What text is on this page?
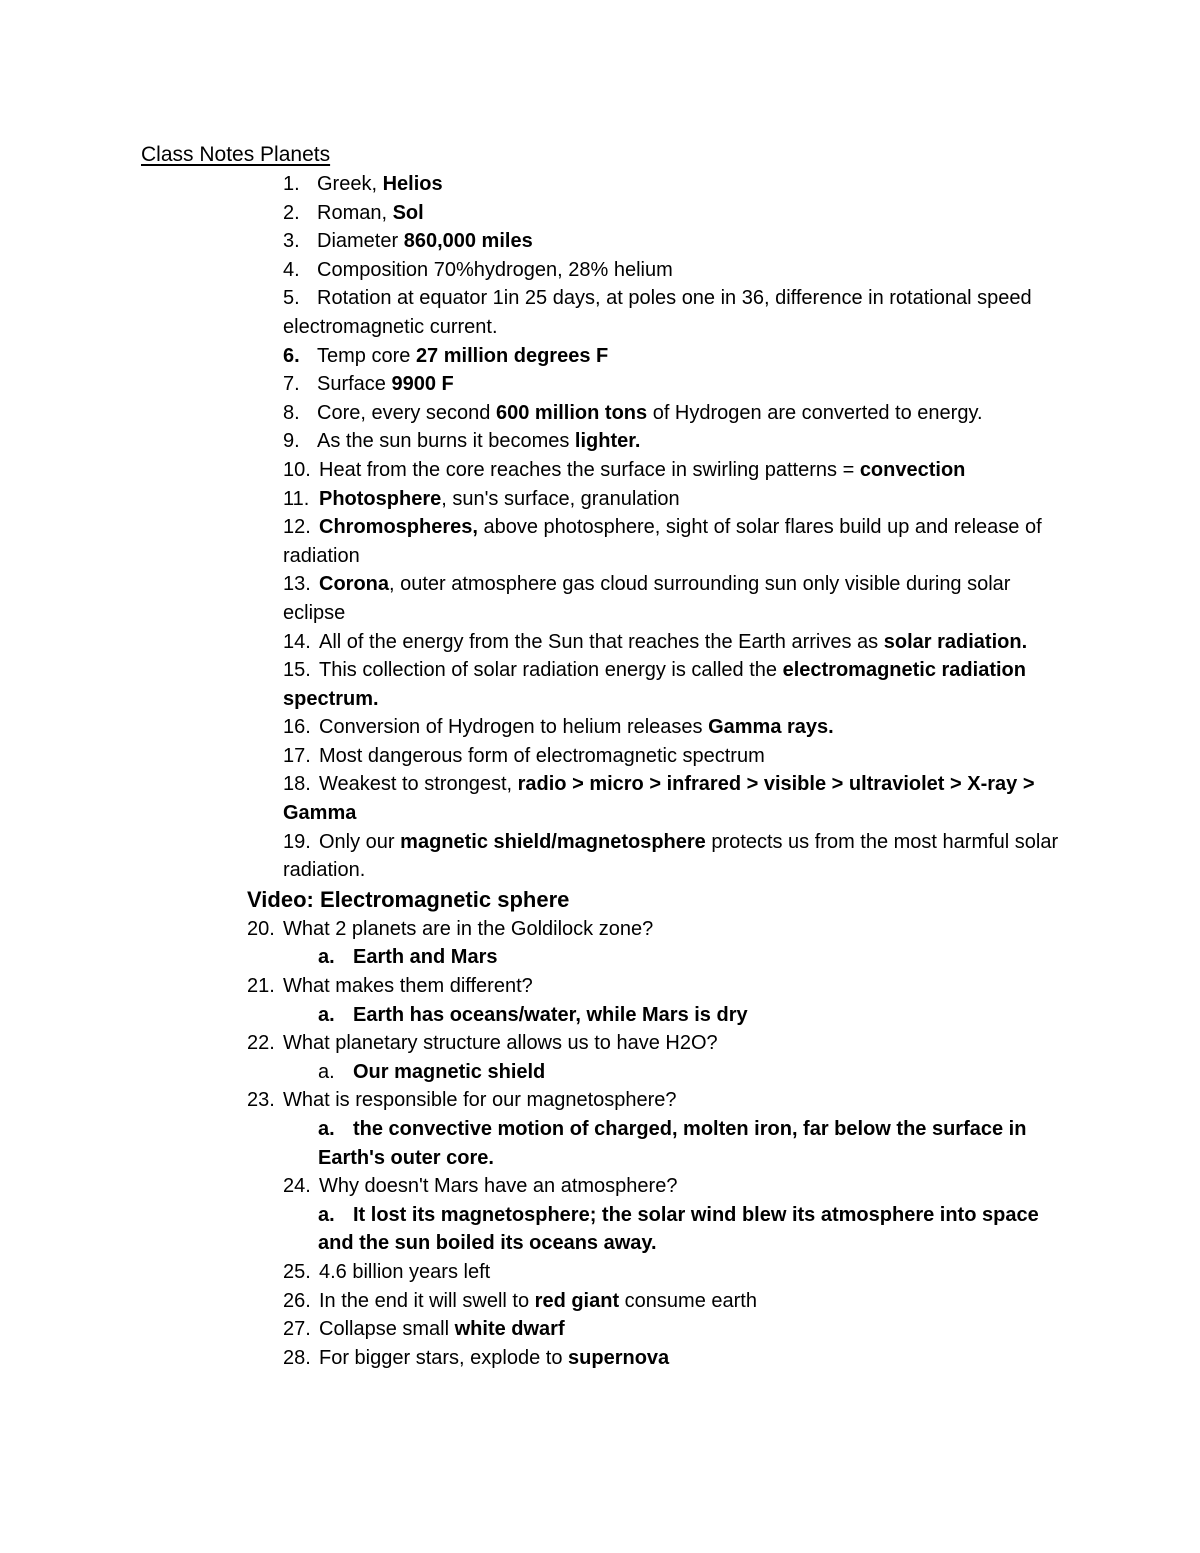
Class Notes Planets
1. Greek, Helios
2. Roman, Sol
3. Diameter 860,000 miles
4. Composition 70%hydrogen, 28% helium
5. Rotation at equator 1in 25 days, at poles one in 36, difference in rotational speed electromagnetic current.
6. Temp core 27 million degrees F
7. Surface 9900 F
8. Core, every second 600 million tons of Hydrogen are converted to energy.
9. As the sun burns it becomes lighter.
10. Heat from the core reaches the surface in swirling patterns = convection
11. Photosphere, sun's surface, granulation
12. Chromospheres, above photosphere, sight of solar flares build up and release of radiation
13. Corona, outer atmosphere gas cloud surrounding sun only visible during solar eclipse
14. All of the energy from the Sun that reaches the Earth arrives as solar radiation.
15. This collection of solar radiation energy is called the electromagnetic radiation spectrum.
16. Conversion of Hydrogen to helium releases Gamma rays.
17. Most dangerous form of electromagnetic spectrum
18. Weakest to strongest, radio > micro > infrared > visible > ultraviolet > X-ray > Gamma
19. Only our magnetic shield/magnetosphere protects us from the most harmful solar radiation.
Video: Electromagnetic sphere
20. What 2 planets are in the Goldilock zone?
a. Earth and Mars
21. What makes them different?
a. Earth has oceans/water, while Mars is dry
22. What planetary structure allows us to have H2O?
a. Our magnetic shield
23. What is responsible for our magnetosphere?
a. the convective motion of charged, molten iron, far below the surface in Earth's outer core.
24. Why doesn't Mars have an atmosphere?
a. It lost its magnetosphere; the solar wind blew its atmosphere into space and the sun boiled its oceans away.
25. 4.6 billion years left
26. In the end it will swell to red giant consume earth
27. Collapse small white dwarf
28. For bigger stars, explode to supernova
